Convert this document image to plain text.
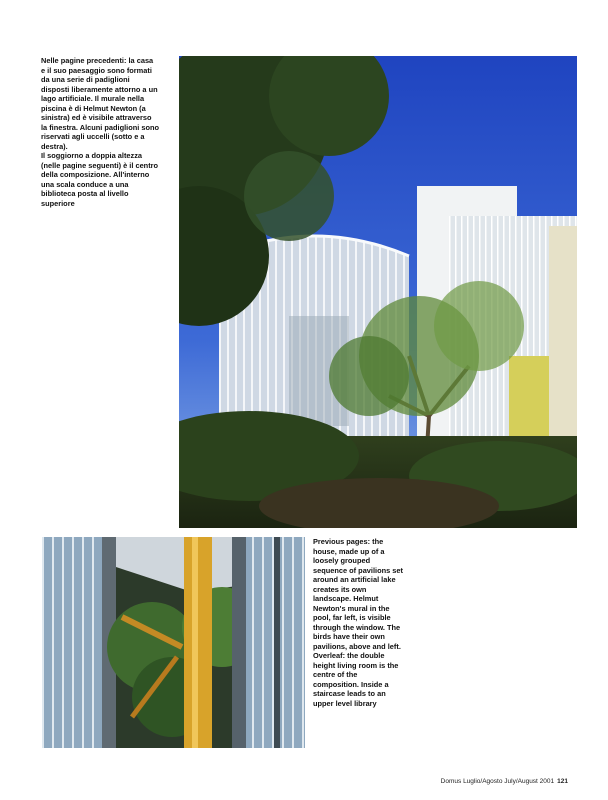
Nelle pagine precedenti: la casa e il suo paesaggio sono formati da una serie di padiglioni disposti liberamente attorno a un lago artificiale. Il murale nella piscina è di Helmut Newton (a sinistra) ed è visibile attraverso la finestra. Alcuni padiglioni sono riservati agli uccelli (sotto e a destra).

Il soggiorno a doppia altezza (nelle pagine seguenti) è il centro della composizione. All'interno una scala conduce a una biblioteca posta al livello superiore

Previous pages: the house, made up of a loosely grouped sequence of pavilions set around an artificial lake creates its own landscape. Helmut Newton's mural in the pool, far left, is visible through the window. The birds have their own pavilions, above and left. Overleaf: the double height living room is the centre of the composition. Inside a staircase leads to an upper level library

Domus Luglio/Agosto July/August 2001 121
